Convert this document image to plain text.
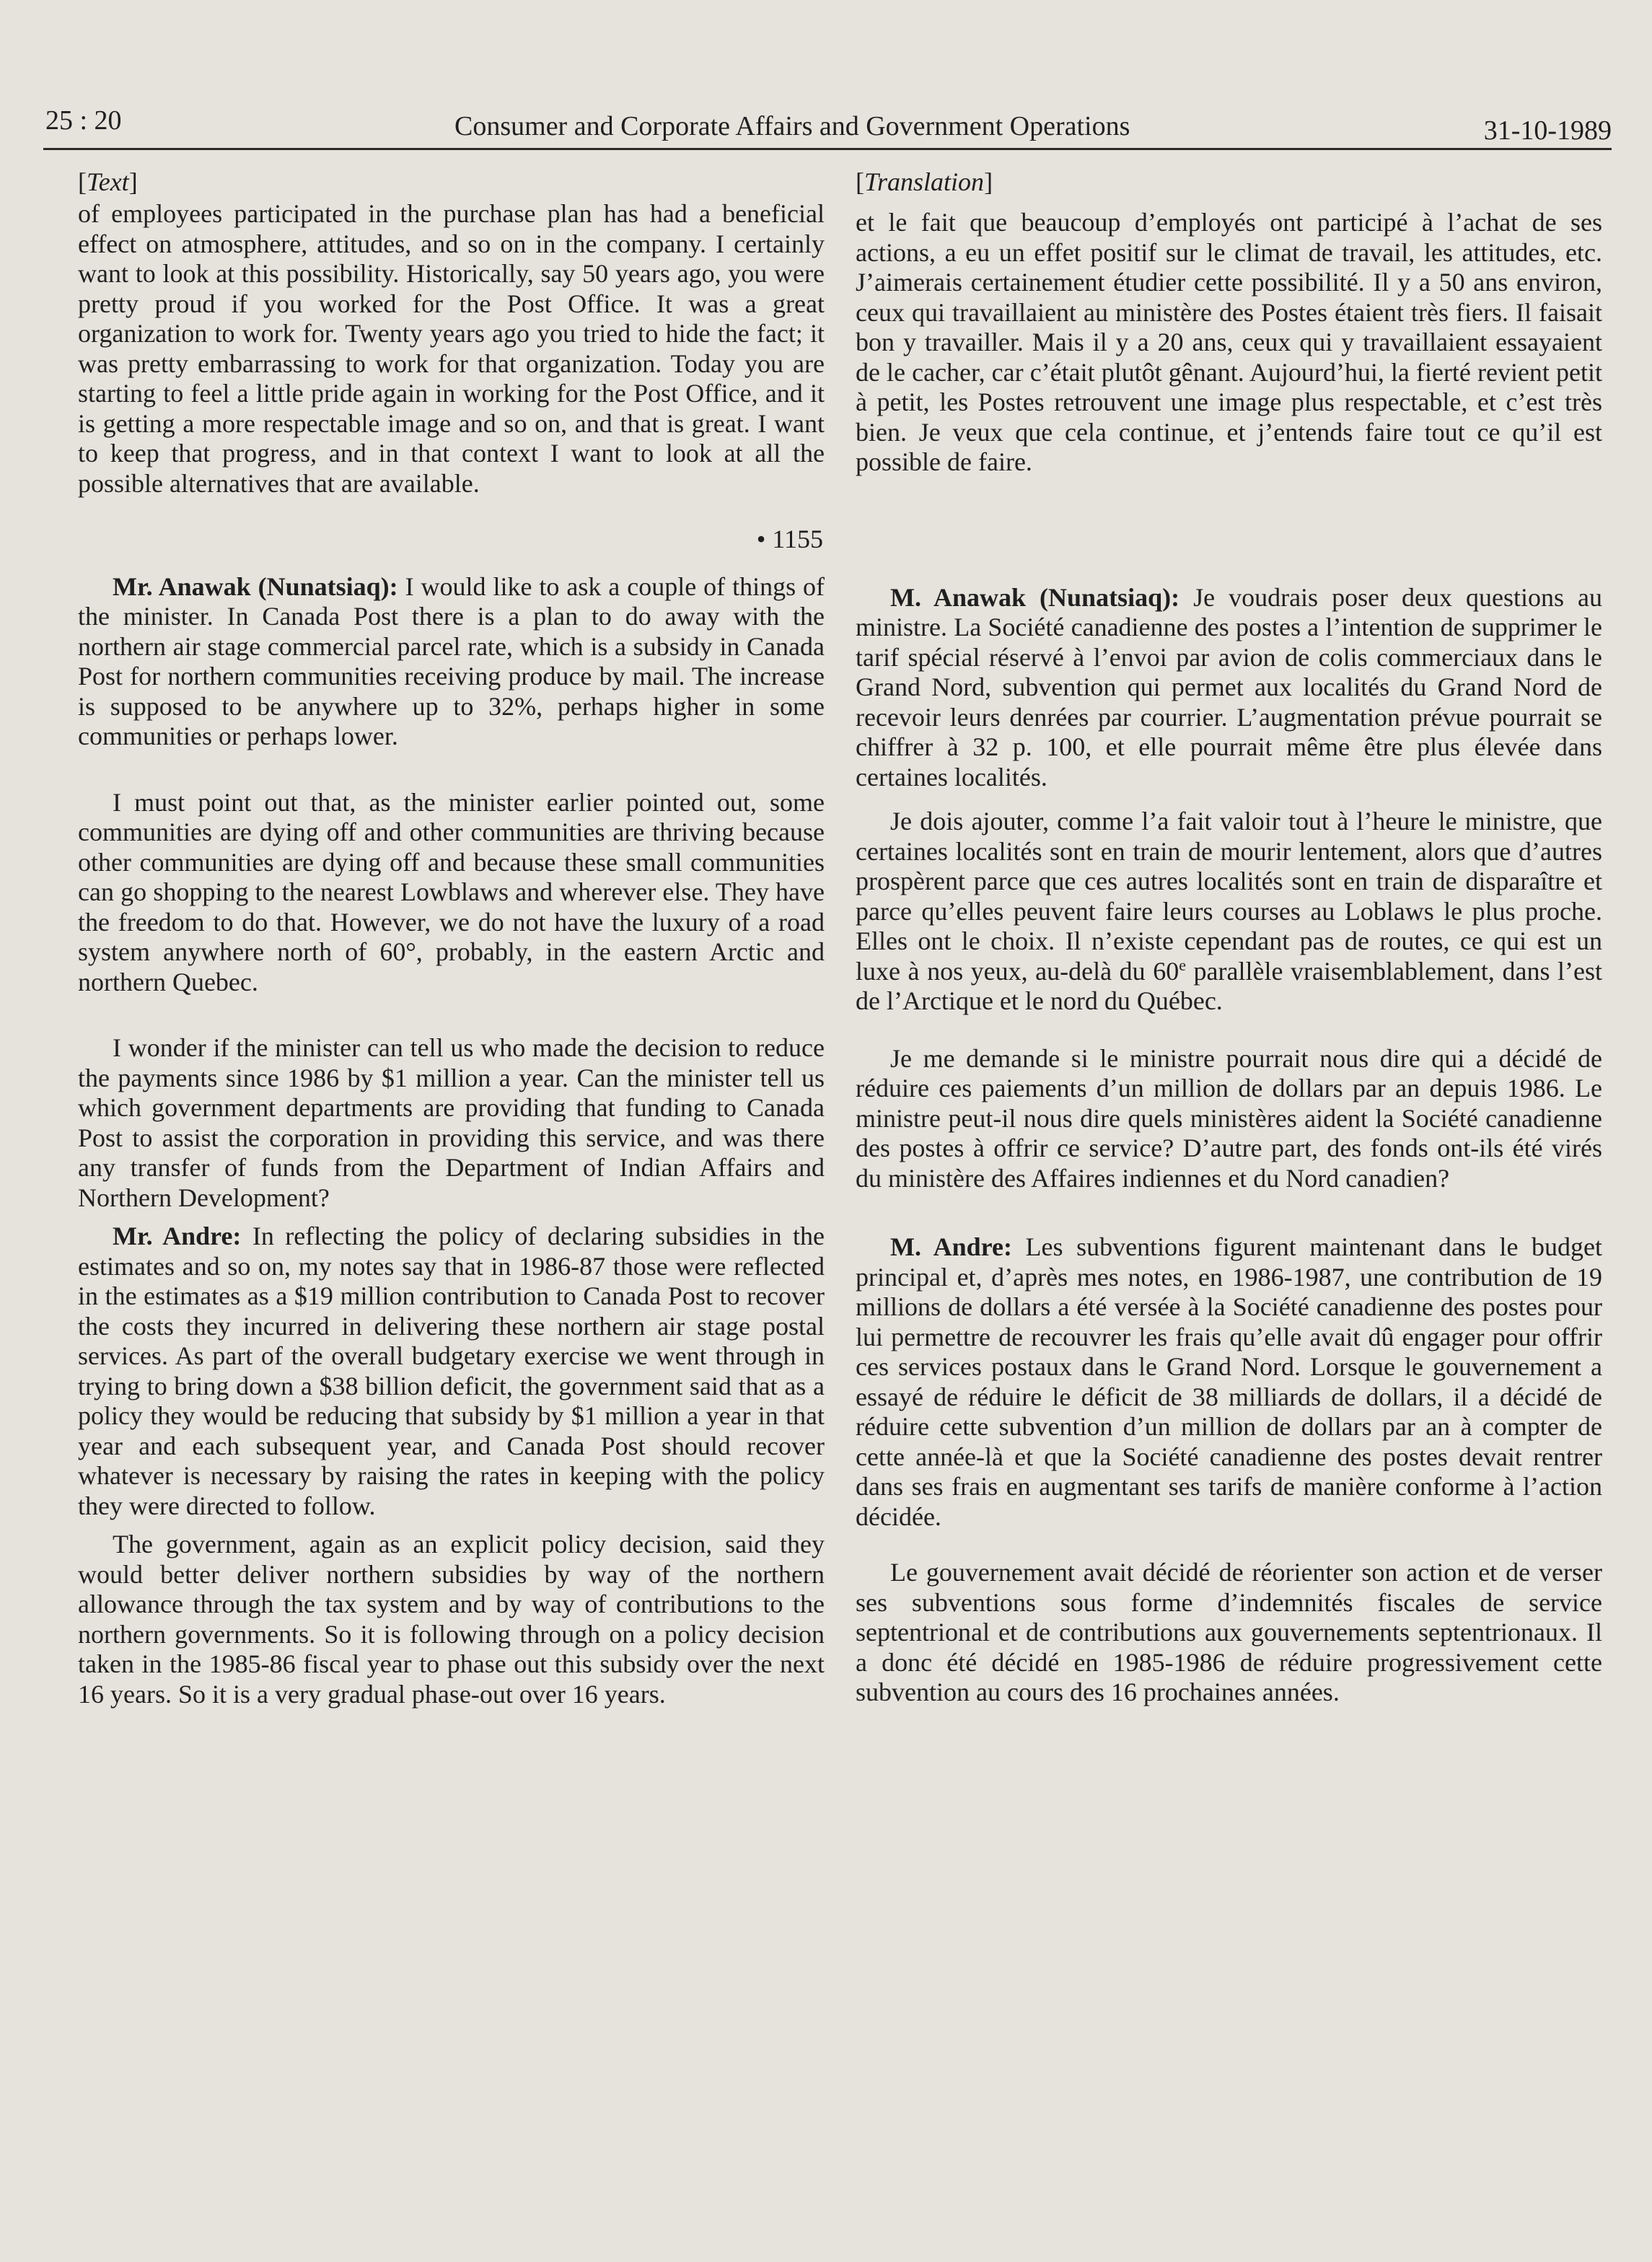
25 : 20	Consumer and Corporate Affairs and Government Operations	31-10-1989
[Text]

of employees participated in the purchase plan has had a beneficial effect on atmosphere, attitudes, and so on in the company. I certainly want to look at this possibility. Historically, say 50 years ago, you were pretty proud if you worked for the Post Office. It was a great organization to work for. Twenty years ago you tried to hide the fact; it was pretty embarrassing to work for that organization. Today you are starting to feel a little pride again in working for the Post Office, and it is getting a more respectable image and so on, and that is great. I want to keep that progress, and in that context I want to look at all the possible alternatives that are available.

• 1155

Mr. Anawak (Nunatsiaq): I would like to ask a couple of things of the minister. In Canada Post there is a plan to do away with the northern air stage commercial parcel rate, which is a subsidy in Canada Post for northern communities receiving produce by mail. The increase is supposed to be anywhere up to 32%, perhaps higher in some communities or perhaps lower.

I must point out that, as the minister earlier pointed out, some communities are dying off and other communities are thriving because other communities are dying off and because these small communities can go shopping to the nearest Lowblaws and wherever else. They have the freedom to do that. However, we do not have the luxury of a road system anywhere north of 60°, probably, in the eastern Arctic and northern Quebec.

I wonder if the minister can tell us who made the decision to reduce the payments since 1986 by $1 million a year. Can the minister tell us which government departments are providing that funding to Canada Post to assist the corporation in providing this service, and was there any transfer of funds from the Department of Indian Affairs and Northern Development?

Mr. Andre: In reflecting the policy of declaring subsidies in the estimates and so on, my notes say that in 1986-87 those were reflected in the estimates as a $19 million contribution to Canada Post to recover the costs they incurred in delivering these northern air stage postal services. As part of the overall budgetary exercise we went through in trying to bring down a $38 billion deficit, the government said that as a policy they would be reducing that subsidy by $1 million a year in that year and each subsequent year, and Canada Post should recover whatever is necessary by raising the rates in keeping with the policy they were directed to follow.

The government, again as an explicit policy decision, said they would better deliver northern subsidies by way of the northern allowance through the tax system and by way of contributions to the northern governments. So it is following through on a policy decision taken in the 1985-86 fiscal year to phase out this subsidy over the next 16 years. So it is a very gradual phase-out over 16 years.

[Translation]

et le fait que beaucoup d’employés ont participé à l’achat de ses actions, a eu un effet positif sur le climat de travail, les attitudes, etc. J’aimerais certainement étudier cette possibilité. Il y a 50 ans environ, ceux qui travaillaient au ministère des Postes étaient très fiers. Il faisait bon y travailler. Mais il y a 20 ans, ceux qui y travaillaient essayaient de le cacher, car c’était plutôt gênant. Aujourd’hui, la fierté revient petit à petit, les Postes retrouvent une image plus respectable, et c’est très bien. Je veux que cela continue, et j’entends faire tout ce qu’il est possible de faire.

M. Anawak (Nunatsiaq): Je voudrais poser deux questions au ministre. La Société canadienne des postes a l’intention de supprimer le tarif spécial réservé à l’envoi par avion de colis commerciaux dans le Grand Nord, subvention qui permet aux localités du Grand Nord de recevoir leurs denrées par courrier. L’augmentation prévue pourrait se chiffrer à 32 p. 100, et elle pourrait même être plus élevée dans certaines localités.

Je dois ajouter, comme l’a fait valoir tout à l’heure le ministre, que certaines localités sont en train de mourir lentement, alors que d’autres prospèrent parce que ces autres localités sont en train de disparaître et parce qu’elles peuvent faire leurs courses au Loblaws le plus proche. Elles ont le choix. Il n’existe cependant pas de routes, ce qui est un luxe à nos yeux, au-delà du 60e parallèle vraisemblablement, dans l’est de l’Arctique et le nord du Québec.

Je me demande si le ministre pourrait nous dire qui a décidé de réduire ces paiements d’un million de dollars par an depuis 1986. Le ministre peut-il nous dire quels ministères aident la Société canadienne des postes à offrir ce service? D’autre part, des fonds ont-ils été virés du ministère des Affaires indiennes et du Nord canadien?

M. Andre: Les subventions figurent maintenant dans le budget principal et, d’après mes notes, en 1986-1987, une contribution de 19 millions de dollars a été versée à la Société canadienne des postes pour lui permettre de recouvrer les frais qu’elle avait dû engager pour offrir ces services postaux dans le Grand Nord. Lorsque le gouvernement a essayé de réduire le déficit de 38 milliards de dollars, il a décidé de réduire cette subvention d’un million de dollars par an à compter de cette année-là et que la Société canadienne des postes devait rentrer dans ses frais en augmentant ses tarifs de manière conforme à l’action décidée.

Le gouvernement avait décidé de réorienter son action et de verser ses subventions sous forme d’indemnités fiscales de service septentrional et de contributions aux gouvernements septentrionaux. Il a donc été décidé en 1985-1986 de réduire progressivement cette subvention au cours des 16 prochaines années.
